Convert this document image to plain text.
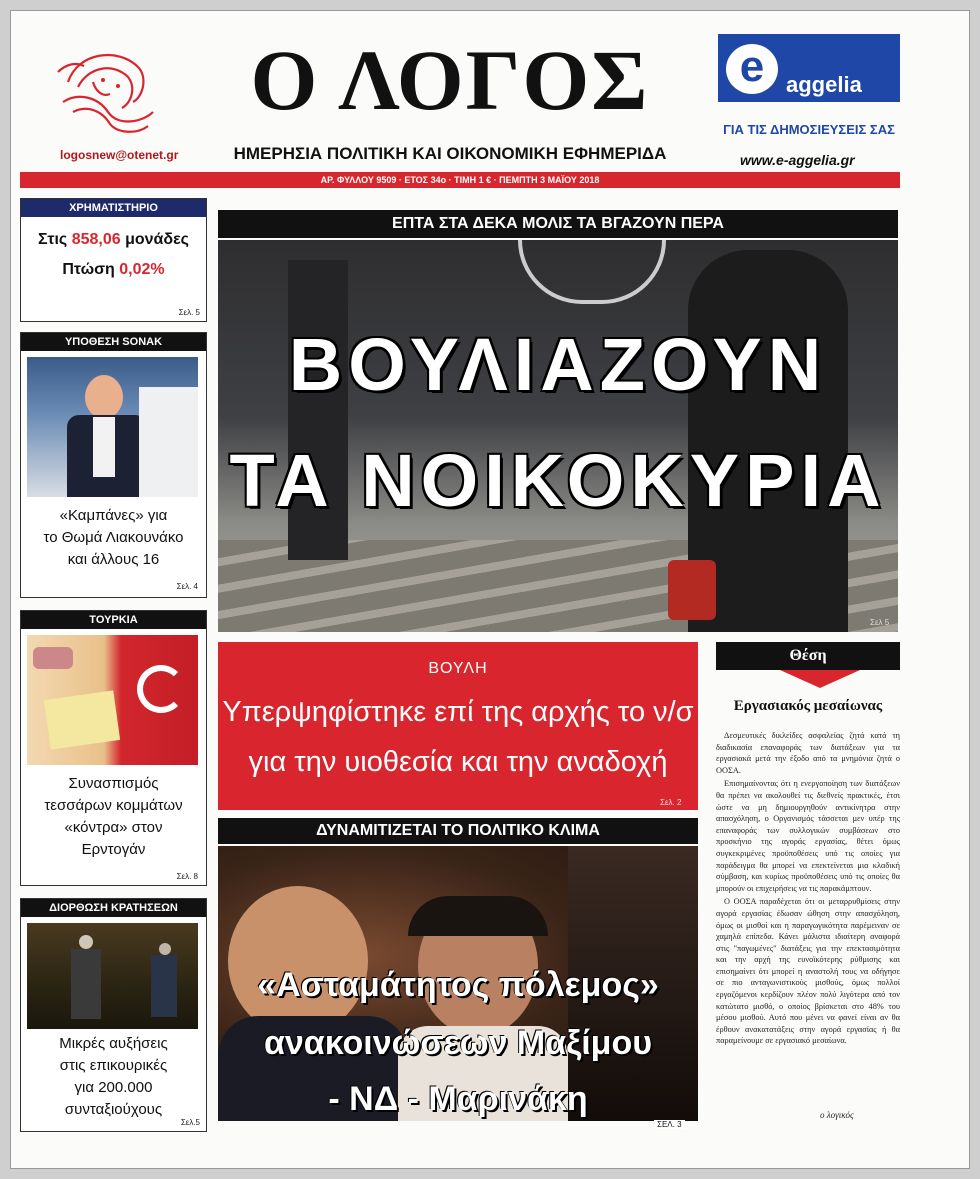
logosnew@otenet.gr
Ο ΛΟΓΟΣ
ΗΜΕΡΗΣΙΑ ΠΟΛΙΤΙΚΗ ΚΑΙ ΟΙΚΟΝΟΜΙΚΗ ΕΦΗΜΕΡΙΔΑ
e aggelia
ΓΙΑ ΤΙΣ ΔΗΜΟΣΙΕΥΣΕΙΣ ΣΑΣ
www.e-aggelia.gr
ΑΡ. ΦΥΛΛΟΥ 9509 · ΕΤΟΣ 34ο · ΤΙΜΗ 1 € · ΠΕΜΠΤΗ 3 ΜΑΪΟΥ 2018
ΧΡΗΜΑΤΙΣΤΗΡΙΟ
Στις 858,06 μονάδες
Πτώση 0,02%
Σελ. 5
ΥΠΟΘΕΣΗ SONAK
«Καμπάνες» για
το Θωμά Λιακουνάκο
και άλλους 16
Σελ. 4
ΤΟΥΡΚΙΑ
Συνασπισμός
τεσσάρων κομμάτων
«κόντρα» στον
Ερντογάν
Σελ. 8
ΔΙΟΡΘΩΣΗ ΚΡΑΤΗΣΕΩΝ
Μικρές αυξήσεις
στις επικουρικές
για 200.000
συνταξιούχους
Σελ.5
ΕΠΤΑ ΣΤΑ ΔΕΚΑ ΜΟΛΙΣ ΤΑ ΒΓΑΖΟΥΝ ΠΕΡΑ
ΒΟΥΛΙΑΖΟΥΝ
ΤΑ ΝΟΙΚΟΚΥΡΙΑ
Σελ 5
ΒΟΥΛΗ
Υπερψηφίστηκε επί της αρχής το ν/σ
για την υιοθεσία και την αναδοχή
Σελ. 2
ΔΥΝΑΜΙΤΙΖΕΤΑΙ ΤΟ ΠΟΛΙΤΙΚΟ ΚΛΙΜΑ
«Ασταμάτητος πόλεμος»
ανακοινώσεων Μαξίμου
- ΝΔ - Μαρινάκη
ΣΕΛ. 3
Θέση
Εργασιακός μεσαίωνας

Δεσμευτικές δικλείδες ασφαλείας ζητά κατά τη διαδικασία επαναφοράς των διατάξεων για τα εργασιακά μετά την έξοδο από τα μνημόνια ζητά ο ΟΟΣΑ.

Επισημαίνοντας ότι η ενεργοποίηση των διατάξεων θα πρέπει να ακολουθεί τις διεθνείς πρακτικές, έτσι ώστε να μη δημιουργηθούν αντικίνητρα στην απασχόληση, ο Οργανισμός τάσσεται μεν υπέρ της επαναφοράς των συλλογικών συμβάσεων στο προσκήνιο της αγοράς εργασίας, θέτει όμως συγκεκριμένες προϋποθέσεις υπό τις οποίες για παράδειγμα θα μπορεί να επεκτείνεται μια κλαδική σύμβαση, και κυρίως προϋποθέσεις υπό τις οποίες θα μπορούν οι επιχειρήσεις να τις παρακάμπτουν.

Ο ΟΟΣΑ παραδέχεται ότι οι μεταρρυθμίσεις στην αγορά εργασίας έδωσαν ώθηση στην απασχόληση, όμως οι μισθοί και η παραγωγικότητα παρέμειναν σε χαμηλά επίπεδα. Κάνει μάλιστα ιδιαίτερη αναφορά στις "παγωμένες" διατάξεις για την επεκτασιμότητα και την αρχή της ευνοϊκότερης ρύθμισης και επισημαίνει ότι μπορεί η αναστολή τους να οδήγησε σε πιο ανταγωνιστικούς μισθούς, όμως πολλοί εργαζόμενοι κερδίζουν πλέον πολύ λιγότερα από τον κατώτατο μισθό, ο οποίος βρίσκεται στο 48% του μέσου μισθού. Αυτό που μένει να φανεί είναι αν θα έρθουν ανακατατάξεις στην αγορά εργασίας ή θα παραμείνουμε σε εργασιακό μεσαίωνα.

ο λογικός
